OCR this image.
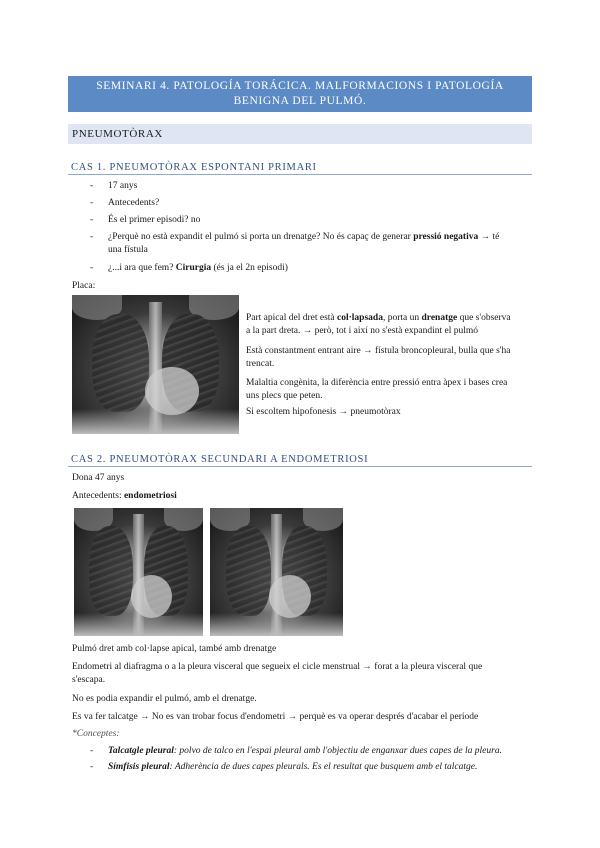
SEMINARI 4. PATOLOGÍA TORÁCICA. MALFORMACIONS I PATOLOGÍA
BENIGNA DEL PULMÓ.
PNEUMOTÒRAX
CAS 1. PNEUMOTÒRAX ESPONTANI PRIMARI
- 17 anys
- Antecedents?
- És el primer episodi? no
- ¿Perquè no està expandit el pulmó si porta un drenatge? No és capaç de generar pressió negativa → té
una fístula
- ¿...i ara que fem? Cirurgia (és ja el 2n episodi)
Placa:
Part apical del dret està col·lapsada, porta un drenatge que s'observa
a la part dreta. → però, tot i així no s'està expandint el pulmó
Està constantment entrant aire → fístula broncopleural, bulla que s'ha
trencat.
Malaltia congènita, la diferència entre pressió entra àpex i bases crea
uns plecs que peten.
Si escoltem hipofonesis → pneumotòrax
CAS 2. PNEUMOTÒRAX SECUNDARI A ENDOMETRIOSI
Dona 47 anys
Antecedents: endometriosi
Pulmó dret amb col·lapse apical, també amb drenatge
Endometri al diafragma o a la pleura visceral que segueix el cicle menstrual → forat a la pleura visceral que
s'escapa.
No es podia expandir el pulmó, amb el drenatge.
Es va fer talcatge → No es van trobar focus d'endometri → perquè es va operar després d'acabar el període
*Conceptes:
- Talcatgle pleural: polvo de talco en l'espai pleural amb l'objectiu de enganxar dues capes de la pleura.
- Símfisis pleural: Adherència de dues capes pleurals. Es el resultat que busquem amb el talcatge.
